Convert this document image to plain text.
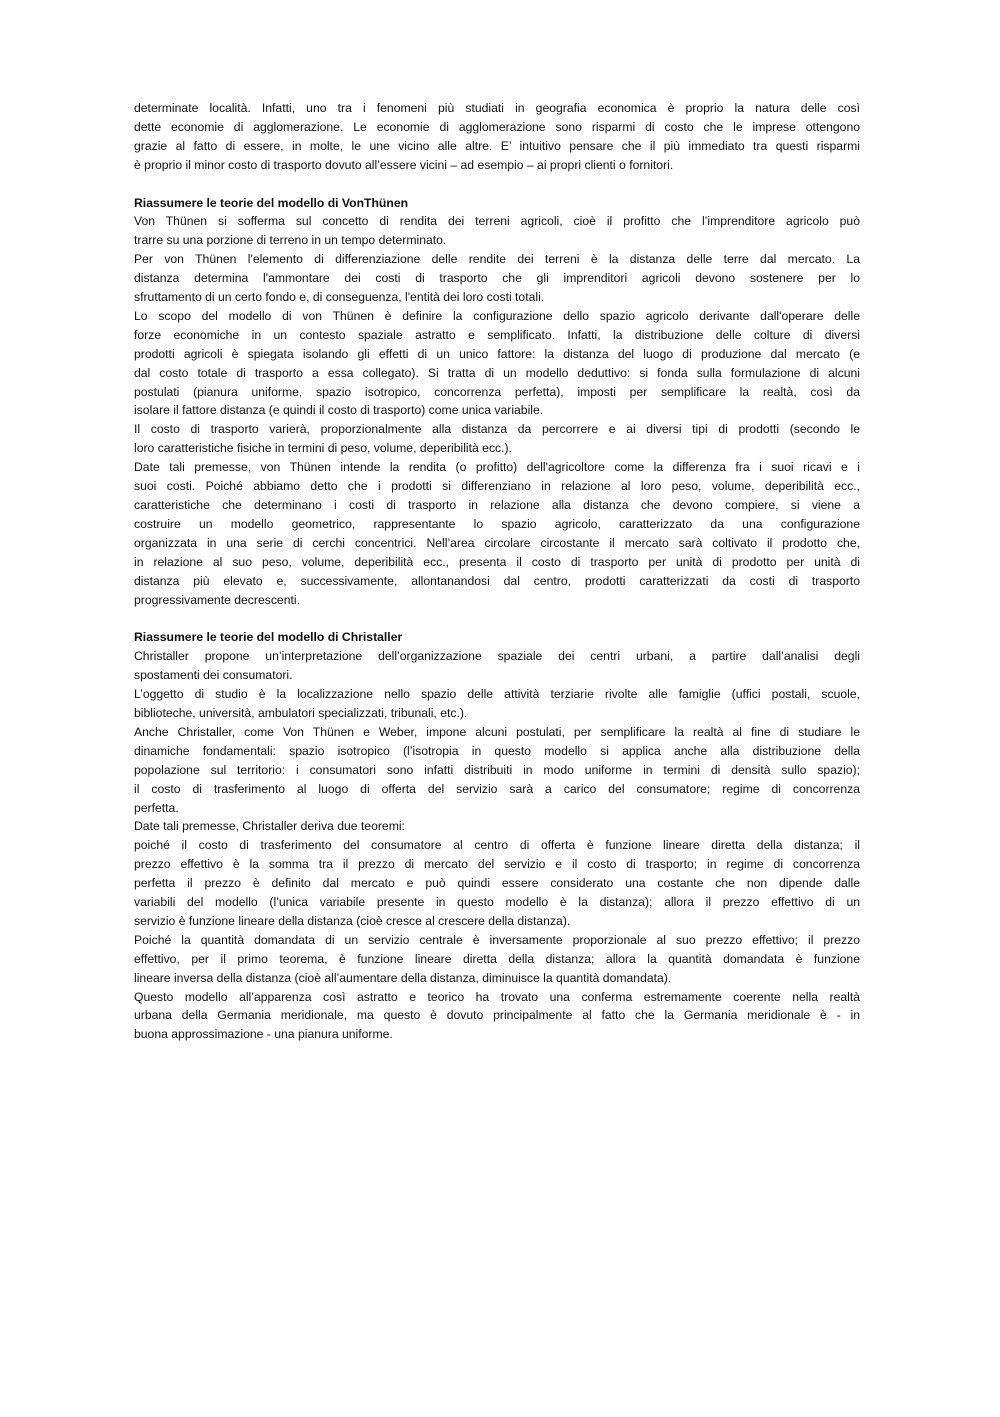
determinate località. Infatti, uno tra i fenomeni più studiati in geografia economica è proprio la natura delle così
dette economie di agglomerazione. Le economie di agglomerazione sono risparmi di costo che le imprese ottengono
grazie al fatto di essere, in molte, le une vicino alle altre. E’ intuitivo pensare che il più immediato tra questi risparmi
è proprio il minor costo di trasporto dovuto all’essere vicini – ad esempio – ai propri clienti o fornitori.
Riassumere le teorie del modello di VonThünen
Von Thünen si sofferma sul concetto di rendita dei terreni agricoli, cioè il profitto che l’imprenditore agricolo può
trarre su una porzione di terreno in un tempo determinato.
Per von Thünen l'elemento di differenziazione delle rendite dei terreni è la distanza delle terre dal mercato. La
distanza determina l'ammontare dei costi di trasporto che gli imprenditori agricoli devono sostenere per lo
sfruttamento di un certo fondo e, di conseguenza, l'entità dei loro costi totali.
Lo scopo del modello di von Thünen è definire la configurazione dello spazio agricolo derivante dall'operare delle
forze economiche in un contesto spaziale astratto e semplificato. Infatti, la distribuzione delle colture di diversi
prodotti agricoli è spiegata isolando gli effetti di un unico fattore: la distanza del luogo di produzione dal mercato (e
dal costo totale di trasporto a essa collegato). Si tratta di un modello deduttivo: si fonda sulla formulazione di alcuni
postulati (pianura uniforme, spazio isotropico, concorrenza perfetta), imposti per semplificare la realtà, così da
isolare il fattore distanza (e quindi il costo di trasporto) come unica variabile.
Il costo di trasporto varierà, proporzionalmente alla distanza da percorrere e ai diversi tipi di prodotti (secondo le
loro caratteristiche fisiche in termini di peso, volume, deperibilità ecc.).
Date tali premesse, von Thünen intende la rendita (o profitto) dell'agricoltore come la differenza fra i suoi ricavi e i
suoi costi. Poiché abbiamo detto che i prodotti si differenziano in relazione al loro peso, volume, deperibilità ecc.,
caratteristiche che determinano i costi di trasporto in relazione alla distanza che devono compiere, si viene a
costruire un modello geometrico, rappresentante lo spazio agricolo, caratterizzato da una configurazione
organizzata in una serie di cerchi concentrici. Nell’area circolare circostante il mercato sarà coltivato il prodotto che,
in relazione al suo peso, volume, deperibilità ecc., presenta il costo di trasporto per unità di prodotto per unità di
distanza più elevato e, successivamente, allontanandosi dal centro, prodotti caratterizzati da costi di trasporto
progressivamente decrescenti.
Riassumere le teorie del modello di Christaller
Christaller propone un’interpretazione dell’organizzazione spaziale dei centri urbani, a partire dall’analisi degli
spostamenti dei consumatori.
L’oggetto di studio è la localizzazione nello spazio delle attività terziarie rivolte alle famiglie (uffici postali, scuole,
biblioteche, università, ambulatori specializzati, tribunali, etc.).
Anche Christaller, come Von Thünen e Weber, impone alcuni postulati, per semplificare la realtà al fine di studiare le
dinamiche fondamentali: spazio isotropico (l’isotropia in questo modello si applica anche alla distribuzione della
popolazione sul territorio: i consumatori sono infatti distribuiti in modo uniforme in termini di densità sullo spazio);
il costo di trasferimento al luogo di offerta del servizio sarà a carico del consumatore; regime di concorrenza
perfetta.
Date tali premesse, Christaller deriva due teoremi:
poiché il costo di trasferimento del consumatore al centro di offerta è funzione lineare diretta della distanza; il
prezzo effettivo è la somma tra il prezzo di mercato del servizio e il costo di trasporto; in regime di concorrenza
perfetta il prezzo è definito dal mercato e può quindi essere considerato una costante che non dipende dalle
variabili del modello (l’unica variabile presente in questo modello è la distanza); allora il prezzo effettivo di un
servizio è funzione lineare della distanza (cioè cresce al crescere della distanza).
Poiché la quantità domandata di un servizio centrale è inversamente proporzionale al suo prezzo effettivo; il prezzo
effettivo, per il primo teorema, è funzione lineare diretta della distanza; allora la quantità domandata è funzione
lineare inversa della distanza (cioè all’aumentare della distanza, diminuisce la quantità domandata).
Questo modello all’apparenza così astratto e teorico ha trovato una conferma estremamente coerente nella realtà
urbana della Germania meridionale, ma questo è dovuto principalmente al fatto che la Germania meridionale è - in
buona approssimazione - una pianura uniforme.
